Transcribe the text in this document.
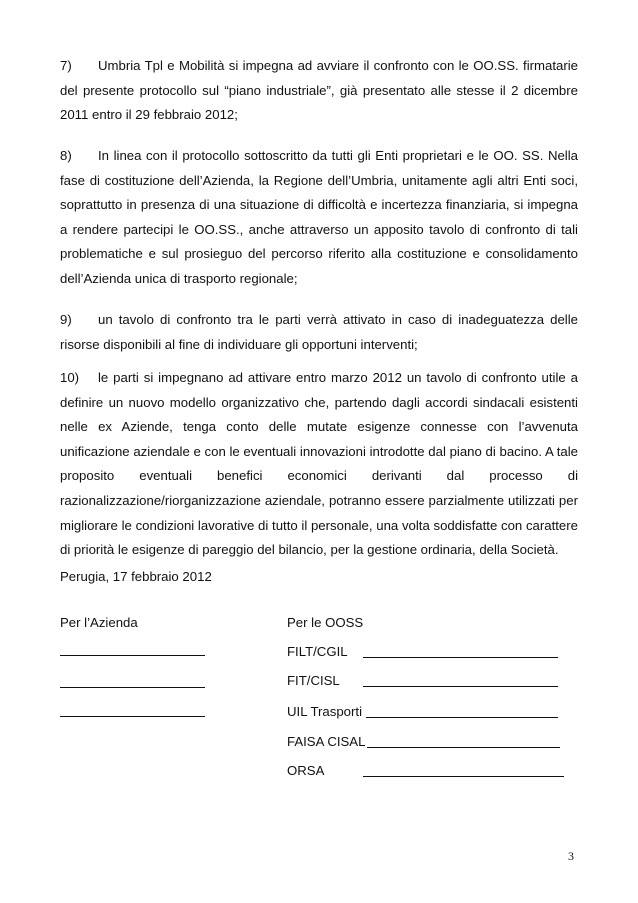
7) Umbria Tpl e Mobilità si impegna ad avviare il confronto con le OO.SS. firmatarie del presente protocollo sul “piano industriale”, già presentato alle stesse il 2 dicembre 2011 entro il 29 febbraio 2012;

8) In linea con il protocollo sottoscritto da tutti gli Enti proprietari e le OO. SS. Nella fase di costituzione dell’Azienda, la Regione dell’Umbria, unitamente agli altri Enti soci, soprattutto in presenza di una situazione di difficoltà e incertezza finanziaria, si impegna a rendere partecipi le OO.SS., anche attraverso un apposito tavolo di confronto di tali problematiche e sul prosieguo del percorso riferito alla costituzione e consolidamento dell’Azienda unica di trasporto regionale;

9) un tavolo di confronto tra le parti verrà attivato in caso di inadeguatezza delle risorse disponibili al fine di individuare gli opportuni interventi;

10) le parti si impegnano ad attivare entro marzo 2012 un tavolo di confronto utile a definire un nuovo modello organizzativo che, partendo dagli accordi sindacali esistenti nelle ex Aziende, tenga conto delle mutate esigenze connesse con l’avvenuta unificazione aziendale e con le eventuali innovazioni introdotte dal piano di bacino. A tale proposito eventuali benefici economici derivanti dal processo di razionalizzazione/riorganizzazione aziendale, potranno essere parzialmente utilizzati per migliorare le condizioni lavorative di tutto il personale, una volta soddisfatte con carattere di priorità le esigenze di pareggio del bilancio, per la gestione ordinaria, della Società.

Perugia, 17 febbraio 2012

Per l’Azienda	Per le OOSS
FILT/CGIL
FIT/CISL
UIL Trasporti
FAISA CISAL
ORSA
3
